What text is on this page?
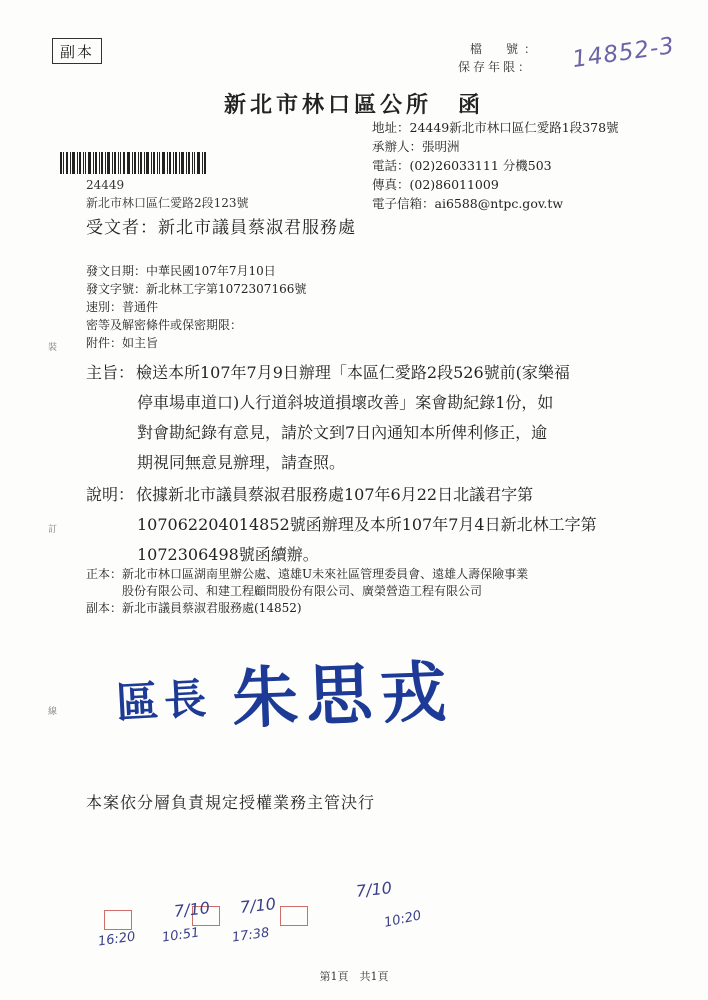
副本	檔　號：
保存年限： 14852-3
新北市林口區公所　函
地址：24449新北市林口區仁愛路1段378號
承辦人：張明洲
電話：(02)26033111 分機503
傳真：(02)86011009
電子信箱：ai6588@ntpc.gov.tw
24449
新北市林口區仁愛路2段123號
受文者：新北市議員蔡淑君服務處
發文日期：中華民國107年7月10日
發文字號：新北林工字第1072307166號
速別：普通件
密等及解密條件或保密期限：
附件：如主旨
主旨： 檢送本所107年7月9日辦理「本區仁愛路2段526號前(家樂福
停車場車道口)人行道斜坡道損壞改善」案會勘紀錄1份，如
對會勘紀錄有意見，請於文到7日內通知本所俾利修正，逾
期視同無意見辦理，請查照。
說明： 依據新北市議員蔡淑君服務處107年6月22日北議君字第
107062204014852號函辦理及本所107年7月4日新北林工字第
1072306498號函續辦。
正本：新北市林口區湖南里辦公處、遠雄U未來社區管理委員會、遠雄人壽保險事業
股份有限公司、和建工程顧問股份有限公司、廣榮營造工程有限公司
副本：新北市議員蔡淑君服務處(14852)
區長 朱思戎
本案依分層負責規定授權業務主管決行
裝
訂
線
7/10 7/10
7/10
10:51 17:38
16:20
10:20
第1頁　共1頁
